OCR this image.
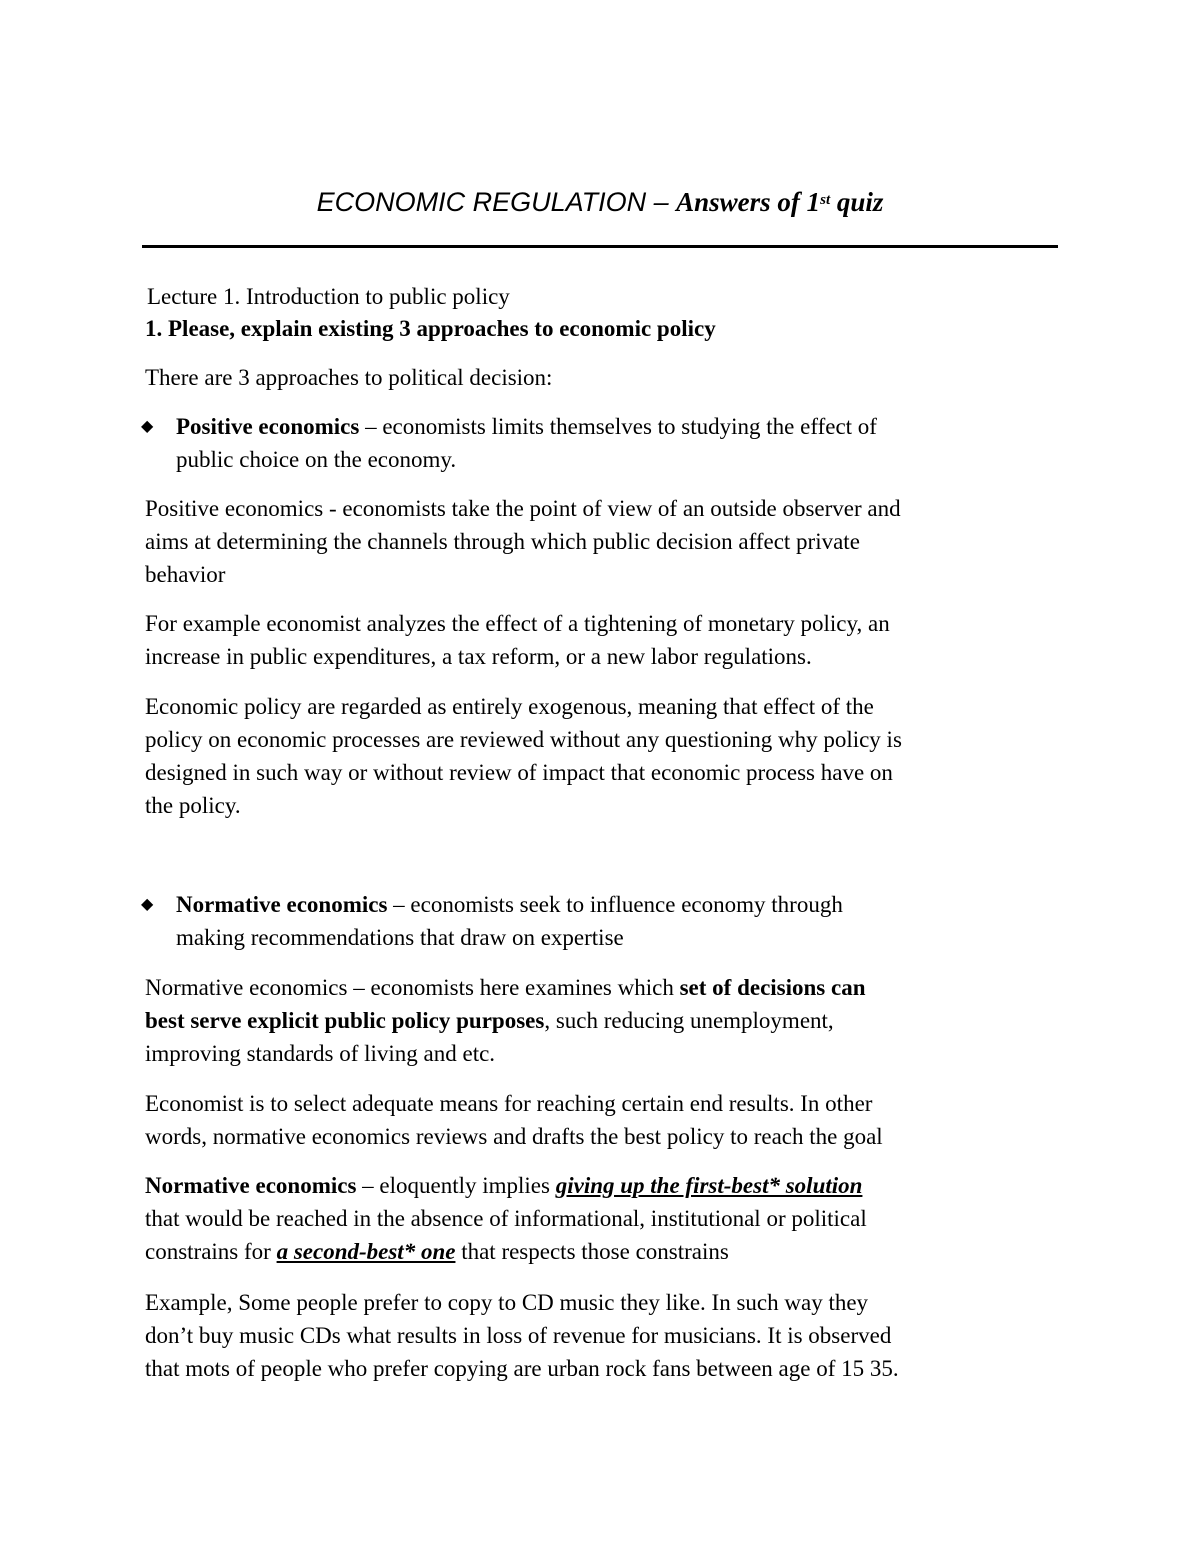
ECONOMIC REGULATION – Answers of 1st quiz
Lecture 1. Introduction to public policy
1. Please, explain existing 3 approaches to economic policy
There are 3 approaches to political decision:
◆ Positive economics – economists limits themselves to studying the effect of
public choice on the economy.
Positive economics - economists take the point of view of an outside observer and
aims at determining the channels through which public decision affect private
behavior
For example economist analyzes the effect of a tightening of monetary policy, an
increase in public expenditures, a tax reform, or a new labor regulations.
Economic policy are regarded as entirely exogenous, meaning that effect of the
policy on economic processes are reviewed without any questioning why policy is
designed in such way or without review of impact that economic process have on
the policy.
◆ Normative economics – economists seek to influence economy through
making recommendations that draw on expertise
Normative economics – economists here examines which set of decisions can
best serve explicit public policy purposes, such reducing unemployment,
improving standards of living and etc.
Economist is to select adequate means for reaching certain end results. In other
words, normative economics reviews and drafts the best policy to reach the goal
Normative economics – eloquently implies giving up the first-best* solution
that would be reached in the absence of informational, institutional or political
constrains for a second-best* one that respects those constrains
Example, Some people prefer to copy to CD music they like. In such way they
don’t buy music CDs what results in loss of revenue for musicians. It is observed
that mots of people who prefer copying are urban rock fans between age of 15 35.
